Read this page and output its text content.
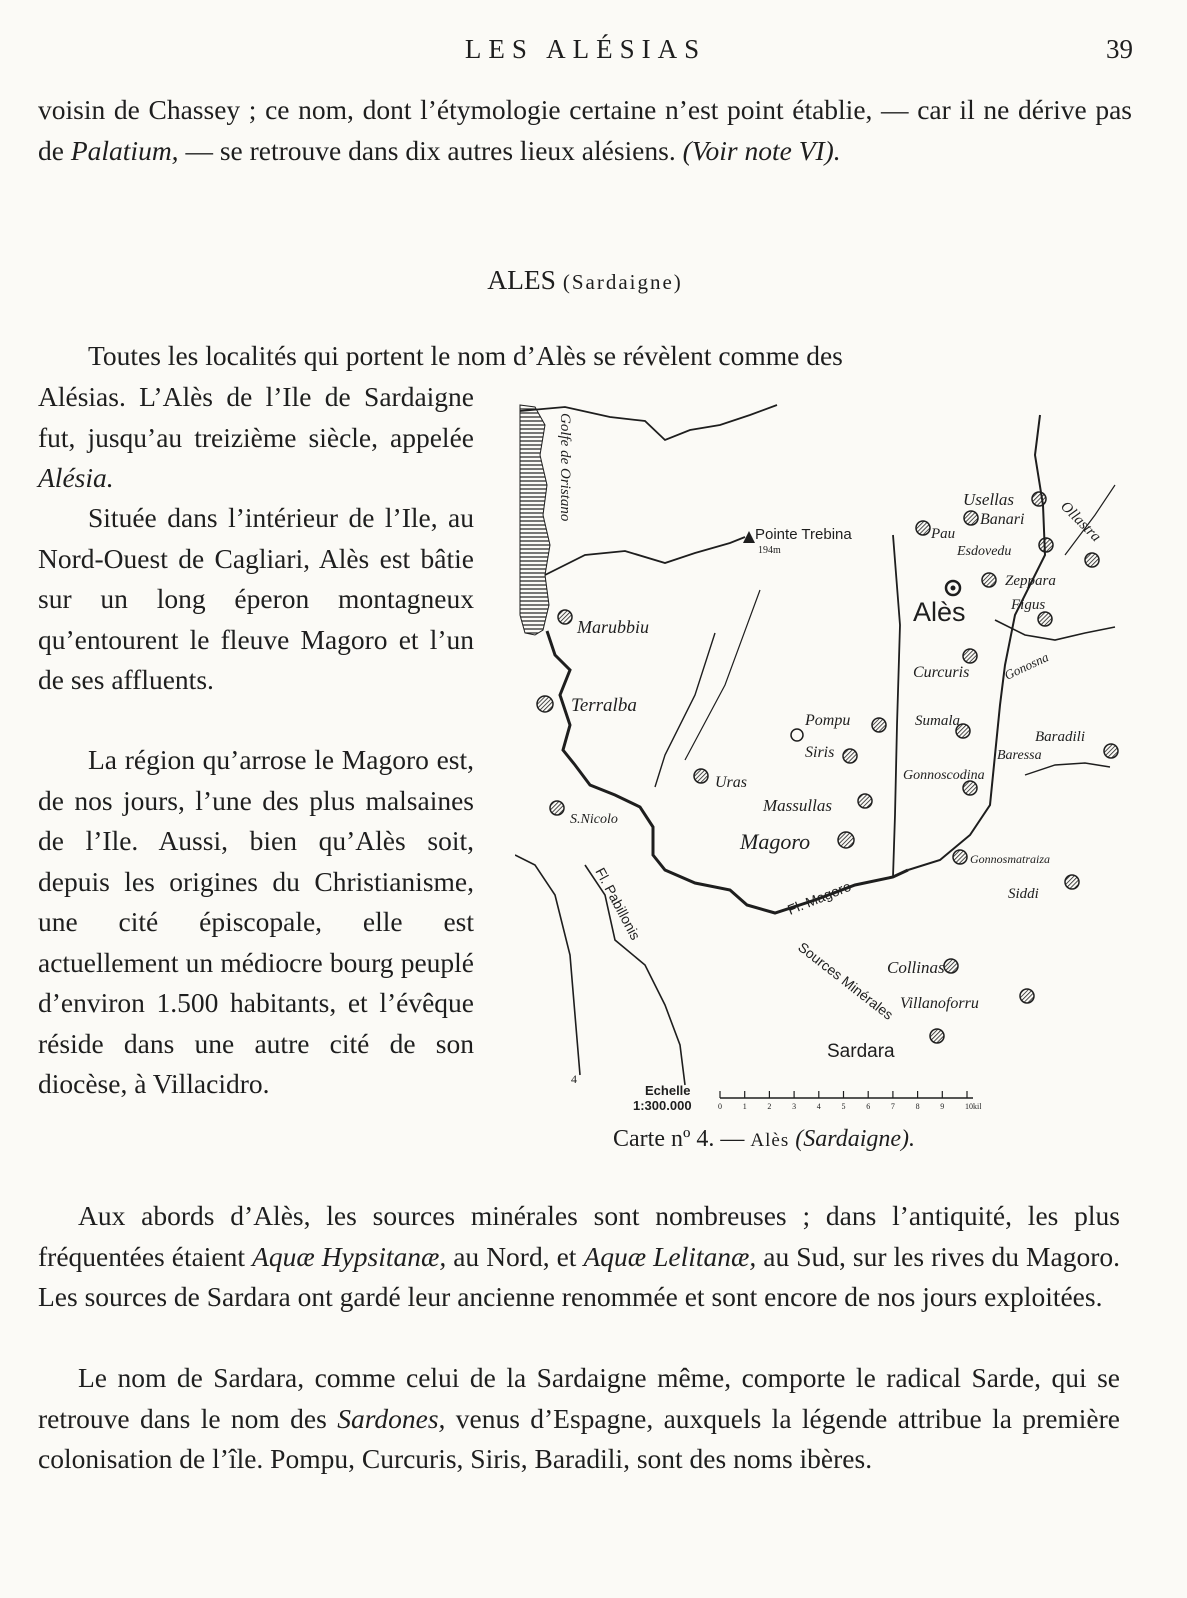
LES ALÉSIAS	39

voisin de Chassey ; ce nom, dont l’étymologie certaine n’est point établie, — car il ne dérive pas de Palatium, — se retrouve dans dix autres lieux alésiens. (Voir note VI).

ALES (Sardaigne)

Toutes les localités qui portent le nom d’Alès se révèlent comme des

Alésias. L’Alès de l’Ile de Sardaigne fut, jusqu’au treizième siècle, appelée Alésia.

Située dans l’intérieur de l’Ile, au Nord-Ouest de Cagliari, Alès est bâtie sur un long éperon montagneux qu’entourent le fleuve Magoro et l’un de ses affluents.

La région qu’arrose le Magoro est, de nos jours, l’une des plus malsaines de l’Ile. Aussi, bien qu’Alès soit, depuis les origines du Christianisme, une cité épiscopale, elle est actuellement un médiocre bourg peuplé d’environ 1.500 habitants, et l’évêque réside dans une autre cité de son diocèse, à Villacidro.

Golfe de Oristano
Pointe Trebina
194m
Alès
Usellas
Banari Ollastra
Pau
Esdovedu
Zeppara
Figus
Gonosna
Marubbiu
Terralba
Curcuris
Pompu
Siris
Sumala
Baradili
Baressa
Gonnoscodina
Uras
S.Nicolo
Massullas
Magoro
Gonnosmatraiza
Siddi
Collinas
Villanoforru
Sardara
Fl. Magoro
Fl. Pabillonis
Sources Minérales
4
Echelle
1:300.000	0	1	2	3	4	5	6	7	8	9	10kil
Carte nº 4. — Alès (Sardaigne).

Aux abords d’Alès, les sources minérales sont nombreuses ; dans l’antiquité, les plus fréquentées étaient Aquæ Hypsitanæ, au Nord, et Aquæ Lelitanæ, au Sud, sur les rives du Magoro. Les sources de Sardara ont gardé leur ancienne renommée et sont encore de nos jours exploitées.

Le nom de Sardara, comme celui de la Sardaigne même, comporte le radical Sarde, qui se retrouve dans le nom des Sardones, venus d’Espagne, auxquels la légende attribue la première colonisation de l’île. Pompu, Curcuris, Siris, Baradili, sont des noms ibères.
